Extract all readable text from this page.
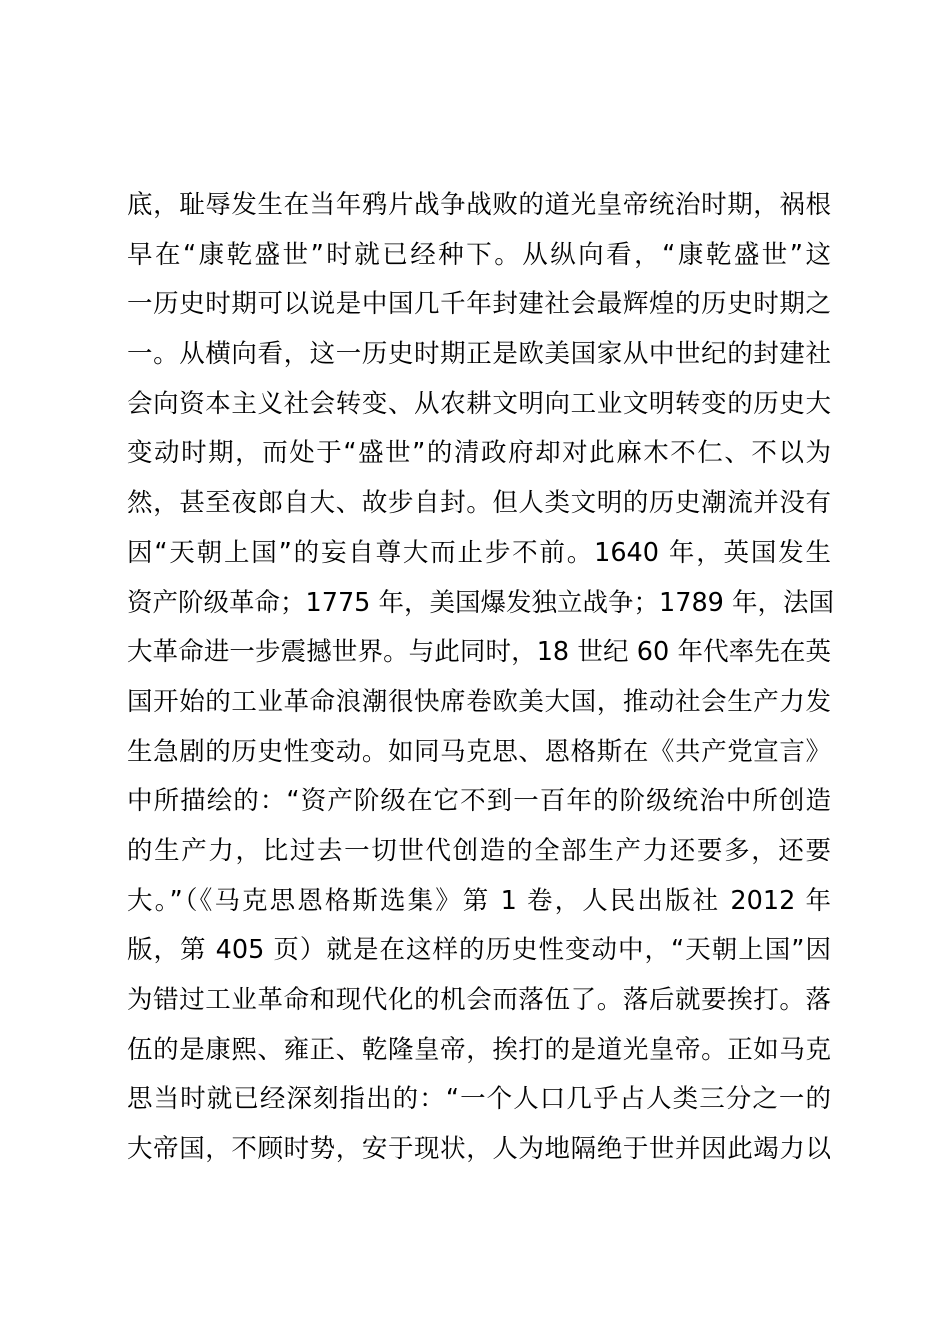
底，耻辱发生在当年鸦片战争战败的道光皇帝统治时期，祸根
早在“康乾盛世”时就已经种下。从纵向看，“康乾盛世”这
一历史时期可以说是中国几千年封建社会最辉煌的历史时期之
一。从横向看，这一历史时期正是欧美国家从中世纪的封建社
会向资本主义社会转变、从农耕文明向工业文明转变的历史大
变动时期，而处于“盛世”的清政府却对此麻木不仁、不以为
然，甚至夜郎自大、故步自封。但人类文明的历史潮流并没有
因“天朝上国”的妄自尊大而止步不前。1640 年，英国发生
资产阶级革命；1775 年，美国爆发独立战争；1789 年，法国
大革命进一步震撼世界。与此同时，18 世纪 60 年代率先在英
国开始的工业革命浪潮很快席卷欧美大国，推动社会生产力发
生急剧的历史性变动。如同马克思、恩格斯在《共产党宣言》
中所描绘的：“资产阶级在它不到一百年的阶级统治中所创造
的生产力，比过去一切世代创造的全部生产力还要多，还要
大。”（《马克思恩格斯选集》第 1 卷，人民出版社 2012 年
版，第 405 页）就是在这样的历史性变动中，“天朝上国”因
为错过工业革命和现代化的机会而落伍了。落后就要挨打。落
伍的是康熙、雍正、乾隆皇帝，挨打的是道光皇帝。正如马克
思当时就已经深刻指出的：“一个人口几乎占人类三分之一的
大帝国，不顾时势，安于现状，人为地隔绝于世并因此竭力以
